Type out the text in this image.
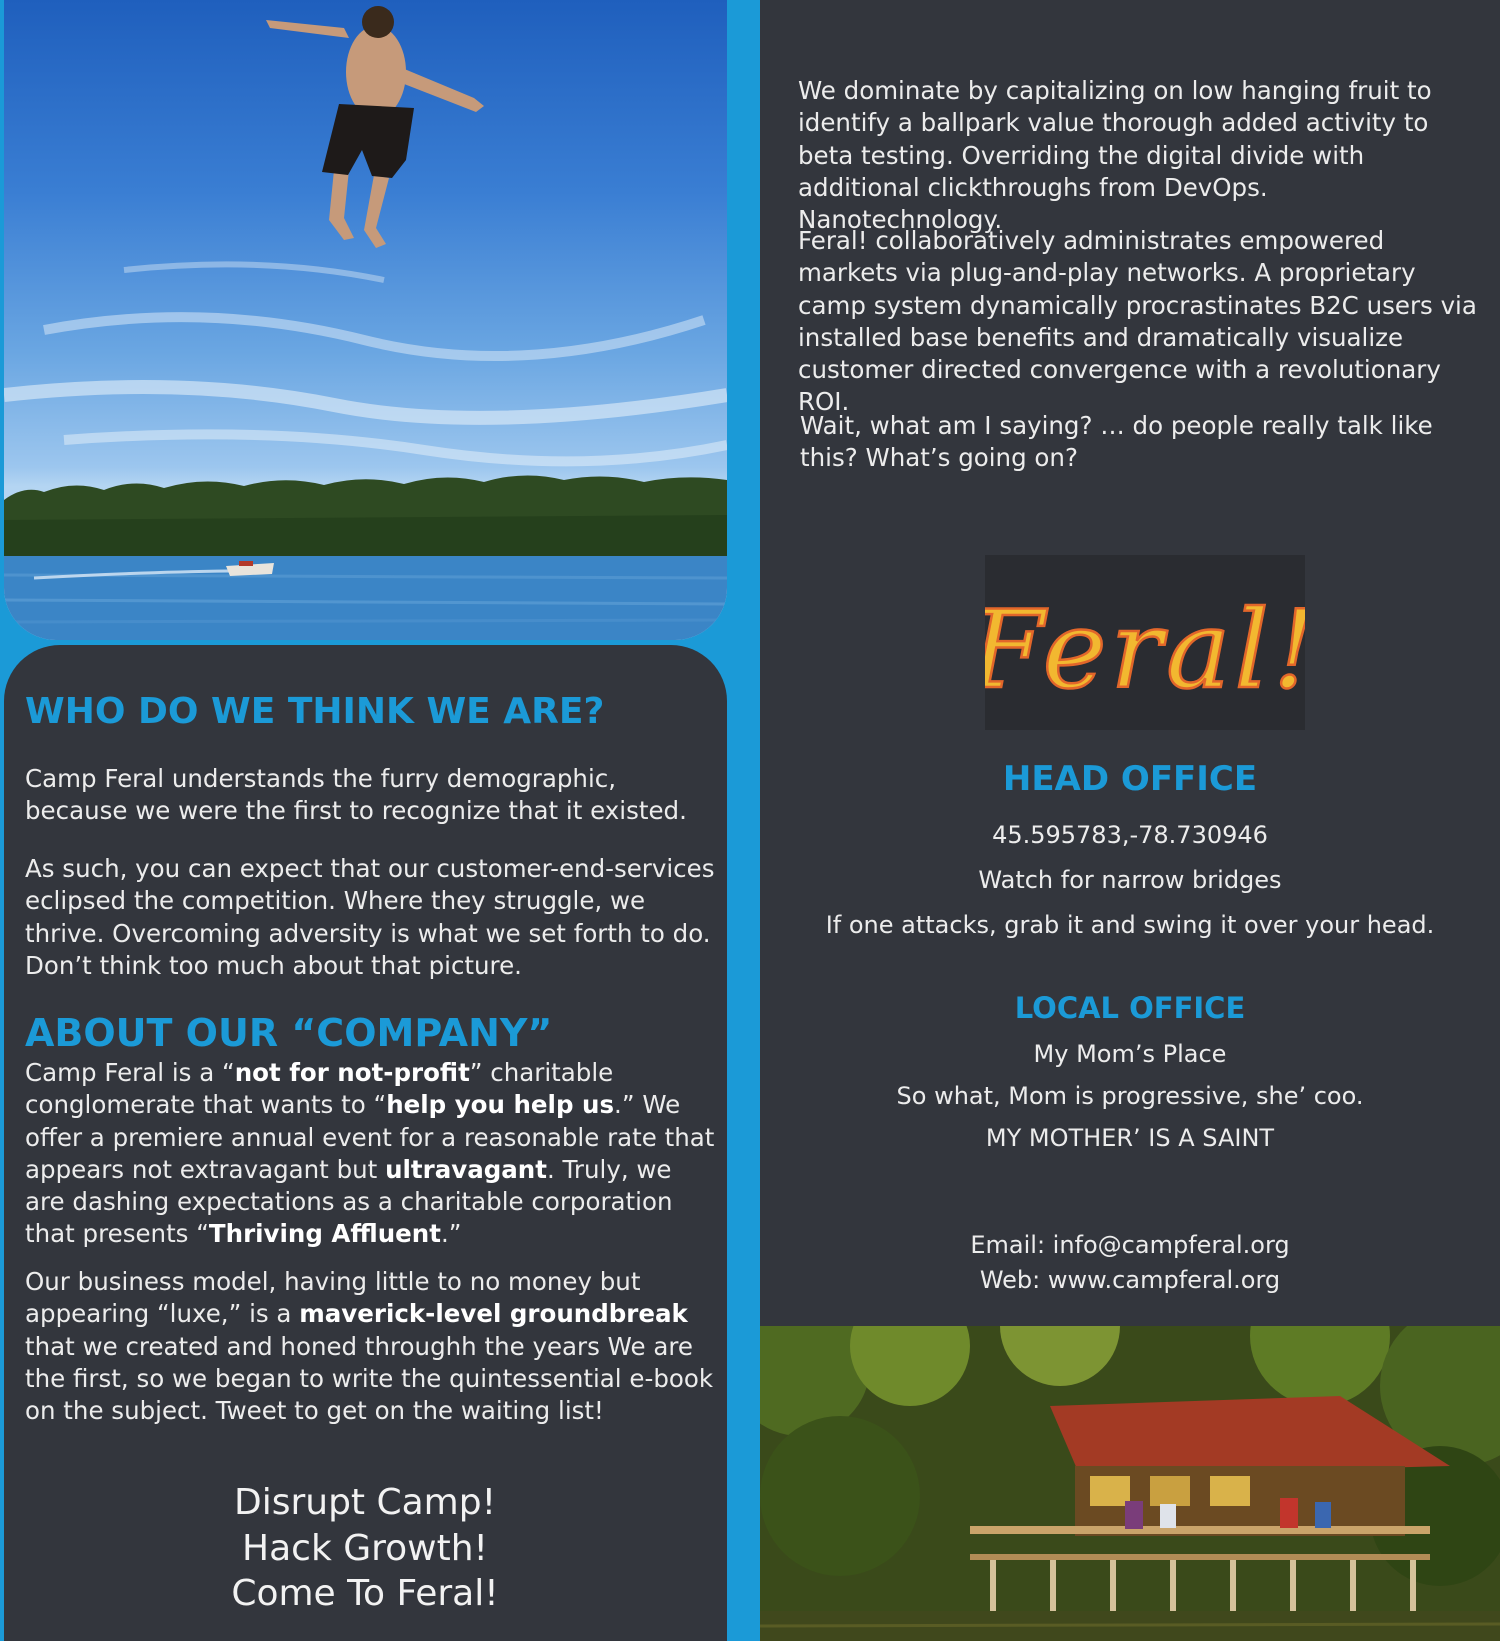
WHO DO WE THINK WE ARE?

Camp Feral understands the furry demographic, because we were the first to recognize that it existed.

As such, you can expect that our customer-end-services eclipsed the competition. Where they struggle, we thrive. Overcoming adversity is what we set forth to do. Don’t think too much about that picture.

ABOUT OUR “COMPANY”

Camp Feral is a “not for not-profit” charitable conglomerate that wants to “help you help us.” We offer a premiere annual event for a reasonable rate that appears not extravagant but ultravagant. Truly, we are dashing expectations as a charitable corporation that presents “Thriving Affluent.”

Our business model, having little to no money but appearing “luxe,” is a maverick-level groundbreak that we created and honed throughh the years We are the first, so we began to write the quintessential e-book on the subject. Tweet to get on the waiting list!

Disrupt Camp!
Hack Growth!
Come To Feral!

We dominate by capitalizing on low hanging fruit to identify a ballpark value thorough added activity to beta testing. Overriding the digital divide with additional clickthroughs from DevOps. Nanotechnology.

Feral! collaboratively administrates empowered markets via plug-and-play networks. A proprietary camp system dynamically procrastinates B2C users via installed base benefits and dramatically visualize customer directed convergence with a revolutionary ROI.

Wait, what am I saying? … do people really talk like this? What’s going on?

Feral!
HEAD OFFICE

45.595783,-78.730946

Watch for narrow bridges

If one attacks, grab it and swing it over your head.

LOCAL OFFICE

My Mom’s Place

So what, Mom is progressive, she’ coo.

MY MOTHER’ IS A SAINT

Email: info@campferal.org

Web: www.campferal.org
